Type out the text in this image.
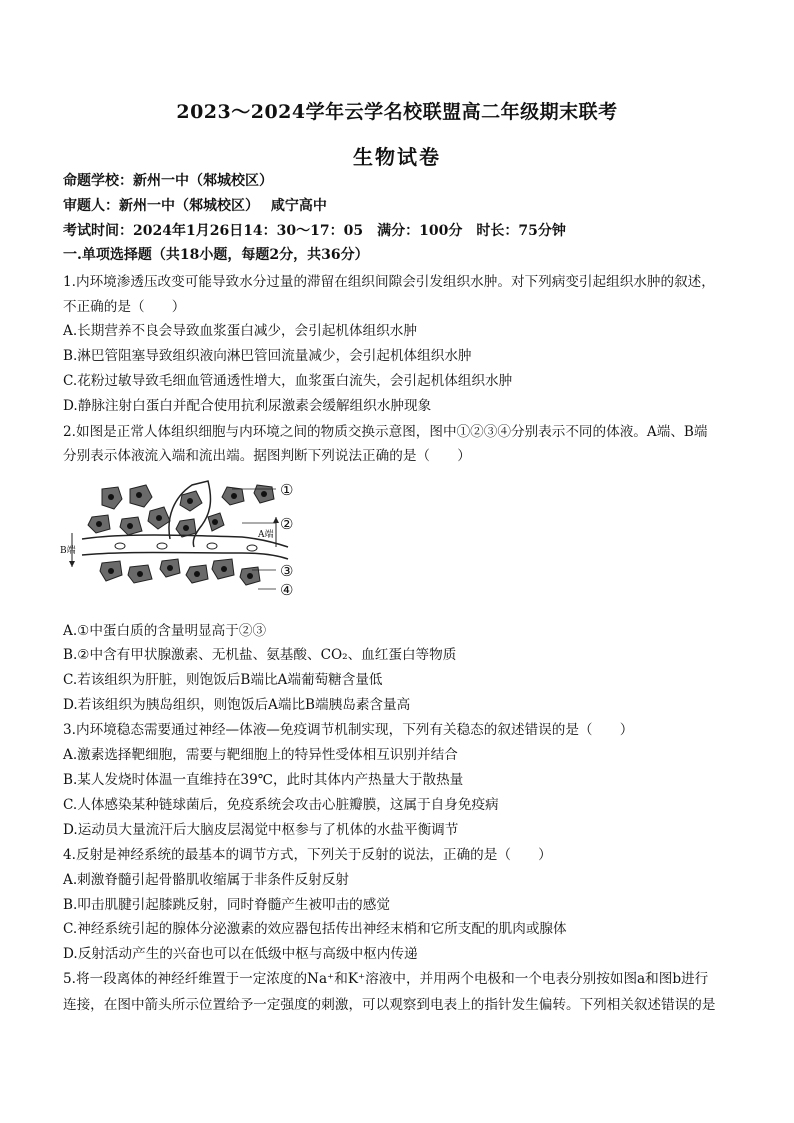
2023～2024学年云学名校联盟高二年级期末联考
生物试卷
命题学校：新州一中（邾城校区）
审题人：新州一中（邾城校区）　 咸宁高中
考试时间：2024年1月26日14：30～17：05　满分：100分　时长：75分钟
一.单项选择题（共18小题，每题2分，共36分）
1.内环境渗透压改变可能导致水分过量的滞留在组织间隙会引发组织水肿。对下列病变引起组织水肿的叙述，
不正确的是（　　）
A.长期营养不良会导致血浆蛋白减少，会引起机体组织水肿
B.淋巴管阻塞导致组织液向淋巴管回流量减少，会引起机体组织水肿
C.花粉过敏导致毛细血管通透性增大，血浆蛋白流失，会引起机体组织水肿
D.静脉注射白蛋白并配合使用抗利尿激素会缓解组织水肿现象
2.如图是正常人体组织细胞与内环境之间的物质交换示意图，图中①②③④分别表示不同的体液。A端、B端
分别表示体液流入端和流出端。据图判断下列说法正确的是（　　）
①
②
③
④
A端
B端
A.①中蛋白质的含量明显高于②③
B.②中含有甲状腺激素、无机盐、氨基酸、CO₂、血红蛋白等物质
C.若该组织为肝脏，则饱饭后B端比A端葡萄糖含量低
D.若该组织为胰岛组织，则饱饭后A端比B端胰岛素含量高
3.内环境稳态需要通过神经—体液—免疫调节机制实现，下列有关稳态的叙述错误的是（　　）
A.激素选择靶细胞，需要与靶细胞上的特异性受体相互识别并结合
B.某人发烧时体温一直维持在39℃，此时其体内产热量大于散热量
C.人体感染某种链球菌后，免疫系统会攻击心脏瓣膜，这属于自身免疫病
D.运动员大量流汗后大脑皮层渴觉中枢参与了机体的水盐平衡调节
4.反射是神经系统的最基本的调节方式，下列关于反射的说法，正确的是（　　）
A.刺激脊髓引起骨骼肌收缩属于非条件反射反射
B.叩击肌腱引起膝跳反射，同时脊髓产生被叩击的感觉
C.神经系统引起的腺体分泌激素的效应器包括传出神经末梢和它所支配的肌肉或腺体
D.反射活动产生的兴奋也可以在低级中枢与高级中枢内传递
5.将一段离体的神经纤维置于一定浓度的Na⁺和K⁺溶液中，并用两个电极和一个电表分别按如图a和图b进行
连接，在图中箭头所示位置给予一定强度的刺激，可以观察到电表上的指针发生偏转。下列相关叙述错误的是
